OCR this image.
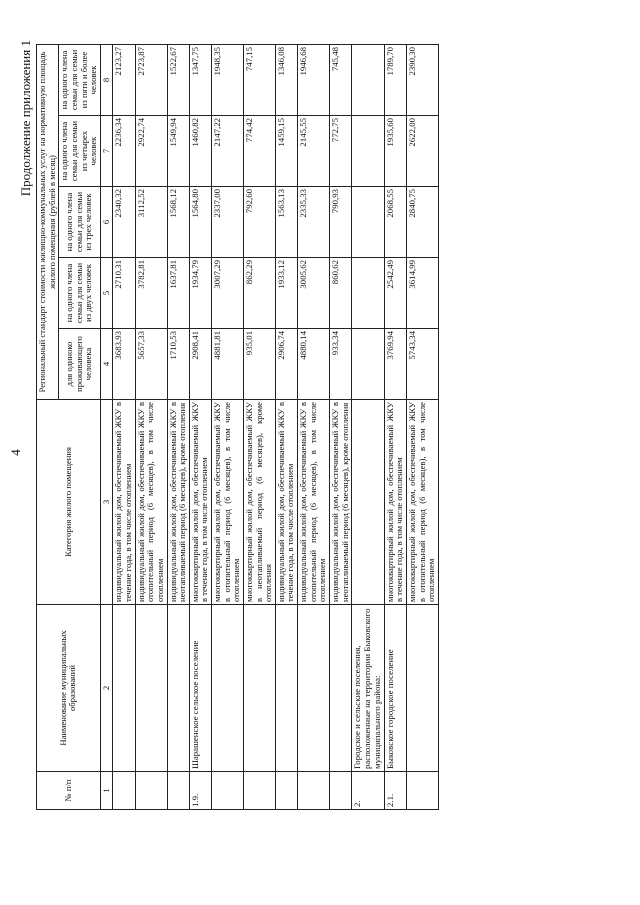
4
Продолжение приложения 1
№ п/п	Наименование муниципальных образований	Категория жилого помещения	Региональный стандарт стоимости жилищно-коммунальных услуг на нормативную площадь жилого помещения (рублей в месяц)				
			для одиноко проживающего человека	на одного члена семьи для семьи из двух человек	на одного члена семьи для семьи из трех человек	на одного члена семьи для семьи из четырех человек	на одного члена семьи для семьи из пяти и более человек
1	2	3	4	5	6	7	8
		индивидуальный жилой дом, обеспечиваемый ЖКУ в течение года, в том числе отоплением	3683,93	2710,31	2340,32	2236,34	2123,27
		индивидуальный жилой дом, обеспечиваемый ЖКУ в отопительный период (6 месяцев), в том числе отоплением	5657,33	3782,81	3112,52	2922,74	2723,87
		индивидуальный жилой дом, обеспечиваемый ЖКУ в неотапливаемый период (6 месяцев), кроме отопления	1710,53	1637,81	1568,12	1549,94	1522,67
1.9.	Шарашенское сельское поселение	многоквартирный жилой дом, обеспечиваемый ЖКУ в течение года, в том числе отоплением	2908,41	1934,79	1564,80	1460,82	1347,75
		многоквартирный жилой дом, обеспечиваемый ЖКУ в отопительный период (6 месяцев), в том числе отоплением	4881,81	3007,29	2337,00	2147,22	1948,35
		многоквартирный жилой дом, обеспечиваемый ЖКУ в неотапливаемый период (6 месяцев), кроме отопления	935,01	862,29	792,60	774,42	747,15
		индивидуальный жилой дом, обеспечиваемый ЖКУ в течение года, в том числе отоплением	2906,74	1933,12	1563,13	1459,15	1346,08
		индивидуальный жилой дом, обеспечиваемый ЖКУ в отопительный период (6 месяцев), в том числе отоплением	4880,14	3005,62	2335,33	2145,55	1946,68
		индивидуальный жилой дом, обеспечиваемый ЖКУ в неотапливаемый период (6 месяцев), кроме отопления	933,34	860,62	790,93	772,75	745,48
2.	Городское и сельские поселения, расположенные на территории Быковского муниципального района:						
2.1.	Быковское городское поселение	многоквартирный жилой дом, обеспечиваемый ЖКУ в течение года, в том числе отоплением	3769,94	2542,49	2068,55	1935,60	1789,70
		многоквартирный жилой дом, обеспечиваемый ЖКУ в отопительный период (6 месяцев), в том числе отоплением	5743,34	3614,99	2840,75	2622,00	2390,30
